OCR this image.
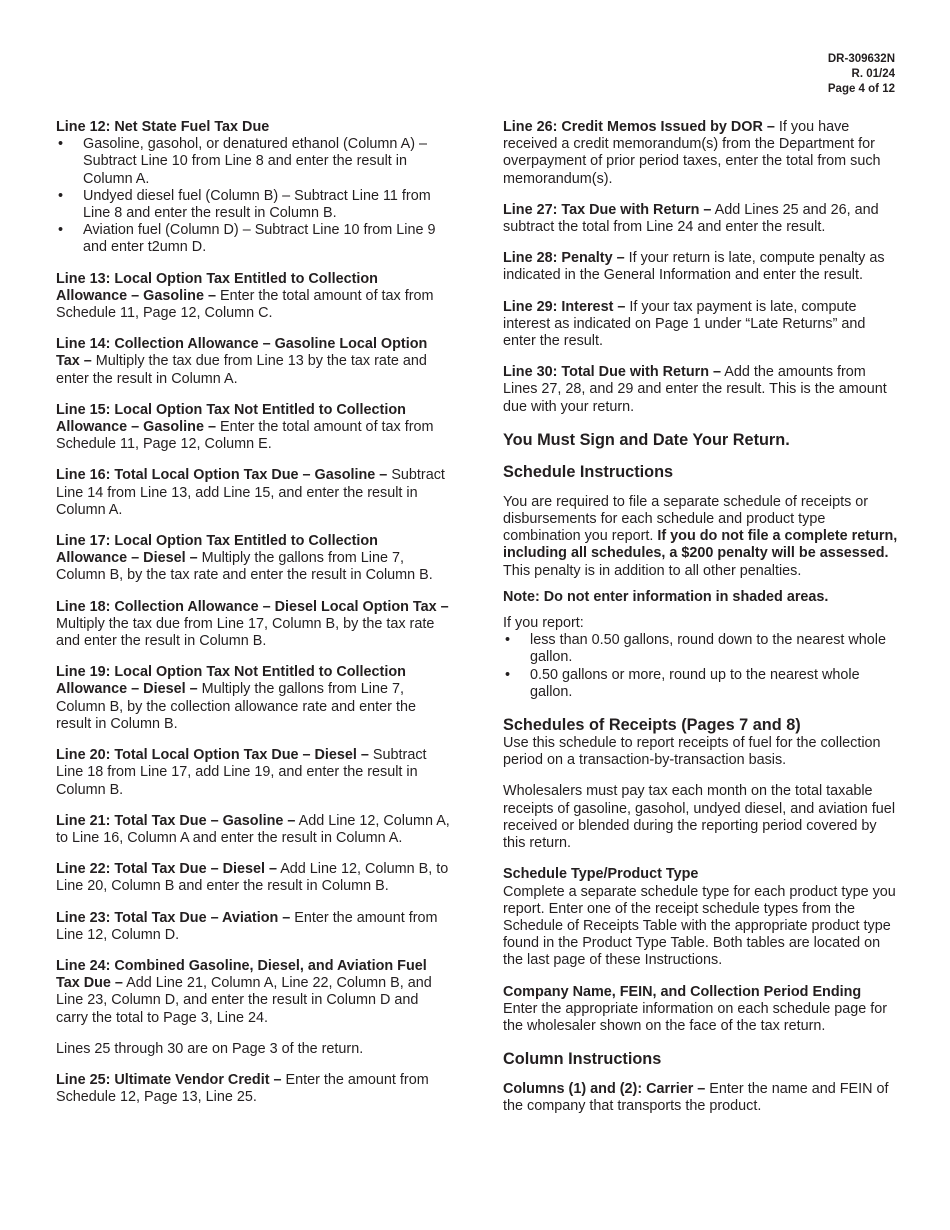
DR-309632N
R. 01/24
Page 4 of 12
Line 12: Net State Fuel Tax Due
• Gasoline, gasohol, or denatured ethanol (Column A) – Subtract Line 10 from Line 8 and enter the result in Column A.
• Undyed diesel fuel (Column B) – Subtract Line 11 from Line 8 and enter the result in Column B.
• Aviation fuel (Column D) – Subtract Line 10 from Line 9 and enter t2umn D.

Line 13: Local Option Tax Entitled to Collection Allowance – Gasoline – Enter the total amount of tax from Schedule 11, Page 12, Column C.

Line 14: Collection Allowance – Gasoline Local Option Tax – Multiply the tax due from Line 13 by the tax rate and enter the result in Column A.

Line 15: Local Option Tax Not Entitled to Collection Allowance – Gasoline – Enter the total amount of tax from Schedule 11, Page 12, Column E.

Line 16: Total Local Option Tax Due – Gasoline – Subtract Line 14 from Line 13, add Line 15, and enter the result in Column A.

Line 17: Local Option Tax Entitled to Collection Allowance – Diesel – Multiply the gallons from Line 7, Column B, by the tax rate and enter the result in Column B.

Line 18: Collection Allowance – Diesel Local Option Tax – Multiply the tax due from Line 17, Column B, by the tax rate and enter the result in Column B.

Line 19: Local Option Tax Not Entitled to Collection Allowance – Diesel – Multiply the gallons from Line 7, Column B, by the collection allowance rate and enter the result in Column B.

Line 20: Total Local Option Tax Due – Diesel – Subtract Line 18 from Line 17, add Line 19, and enter the result in Column B.

Line 21: Total Tax Due – Gasoline – Add Line 12, Column A, to Line 16, Column A and enter the result in Column A.

Line 22: Total Tax Due – Diesel – Add Line 12, Column B, to Line 20, Column B and enter the result in Column B.

Line 23: Total Tax Due – Aviation – Enter the amount from Line 12, Column D.

Line 24: Combined Gasoline, Diesel, and Aviation Fuel Tax Due – Add Line 21, Column A, Line 22, Column B, and Line 23, Column D, and enter the result in Column D and carry the total to Page 3, Line 24.

Lines 25 through 30 are on Page 3 of the return.

Line 25: Ultimate Vendor Credit – Enter the amount from Schedule 12, Page 13, Line 25.

Line 26: Credit Memos Issued by DOR – If you have received a credit memorandum(s) from the Department for overpayment of prior period taxes, enter the total from such memorandum(s).

Line 27: Tax Due with Return – Add Lines 25 and 26, and subtract the total from Line 24 and enter the result.

Line 28: Penalty – If your return is late, compute penalty as indicated in the General Information and enter the result.

Line 29: Interest – If your tax payment is late, compute interest as indicated on Page 1 under “Late Returns” and enter the result.

Line 30: Total Due with Return – Add the amounts from Lines 27, 28, and 29 and enter the result. This is the amount due with your return.

You Must Sign and Date Your Return.
Schedule Instructions

You are required to file a separate schedule of receipts or disbursements for each schedule and product type combination you report. If you do not file a complete return, including all schedules, a $200 penalty will be assessed. This penalty is in addition to all other penalties.

Note: Do not enter information in shaded areas.

If you report:
• less than 0.50 gallons, round down to the nearest whole gallon.
• 0.50 gallons or more, round up to the nearest whole gallon.
Schedules of Receipts (Pages 7 and 8)

Use this schedule to report receipts of fuel for the collection period on a transaction-by-transaction basis.

Wholesalers must pay tax each month on the total taxable receipts of gasoline, gasohol, undyed diesel, and aviation fuel received or blended during the reporting period covered by this return.

Schedule Type/Product Type

Complete a separate schedule type for each product type you report. Enter one of the receipt schedule types from the Schedule of Receipts Table with the appropriate product type found in the Product Type Table. Both tables are located on the last page of these Instructions.

Company Name, FEIN, and Collection Period Ending

Enter the appropriate information on each schedule page for the wholesaler shown on the face of the tax return.

Column Instructions

Columns (1) and (2): Carrier – Enter the name and FEIN of the company that transports the product.
